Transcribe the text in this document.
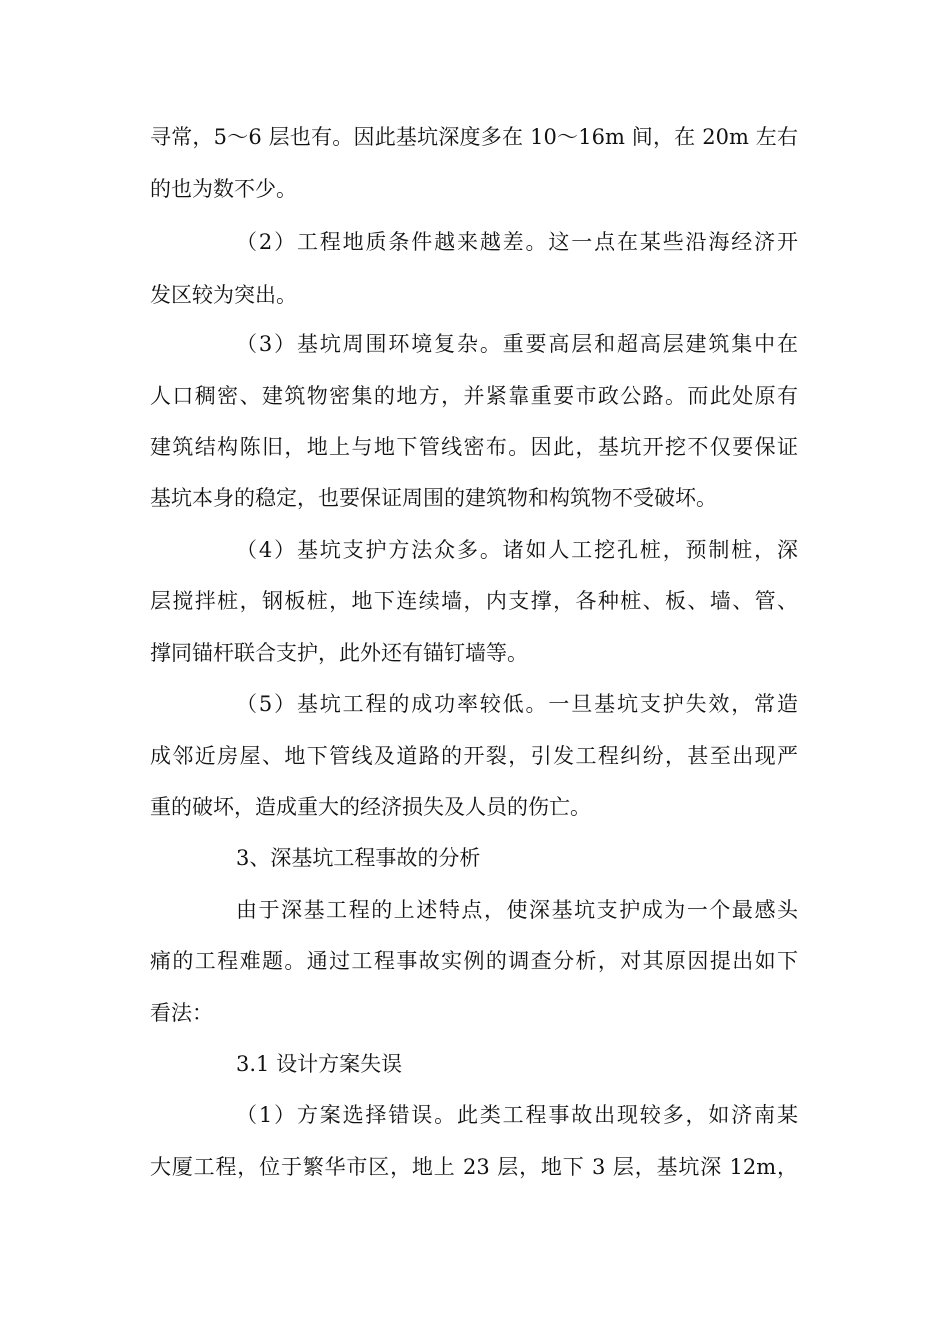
寻常，5～6 层也有。因此基坑深度多在 10～16m 间，在 20m 左右
的也为数不少。
（2）工程地质条件越来越差。这一点在某些沿海经济开
发区较为突出。
（3）基坑周围环境复杂。重要高层和超高层建筑集中在
人口稠密、建筑物密集的地方，并紧靠重要市政公路。而此处原有
建筑结构陈旧，地上与地下管线密布。因此，基坑开挖不仅要保证
基坑本身的稳定，也要保证周围的建筑物和构筑物不受破坏。
（4）基坑支护方法众多。诸如人工挖孔桩，预制桩，深
层搅拌桩，钢板桩，地下连续墙，内支撑，各种桩、板、墙、管、
撑同锚杆联合支护，此外还有锚钉墙等。
（5）基坑工程的成功率较低。一旦基坑支护失效，常造
成邻近房屋、地下管线及道路的开裂，引发工程纠纷，甚至出现严
重的破坏，造成重大的经济损失及人员的伤亡。
3、深基坑工程事故的分析
由于深基工程的上述特点，使深基坑支护成为一个最感头
痛的工程难题。通过工程事故实例的调查分析，对其原因提出如下
看法：
3.1 设计方案失误
（1）方案选择错误。此类工程事故出现较多，如济南某
大厦工程，位于繁华市区，地上 23 层，地下 3 层，基坑深 12m，
